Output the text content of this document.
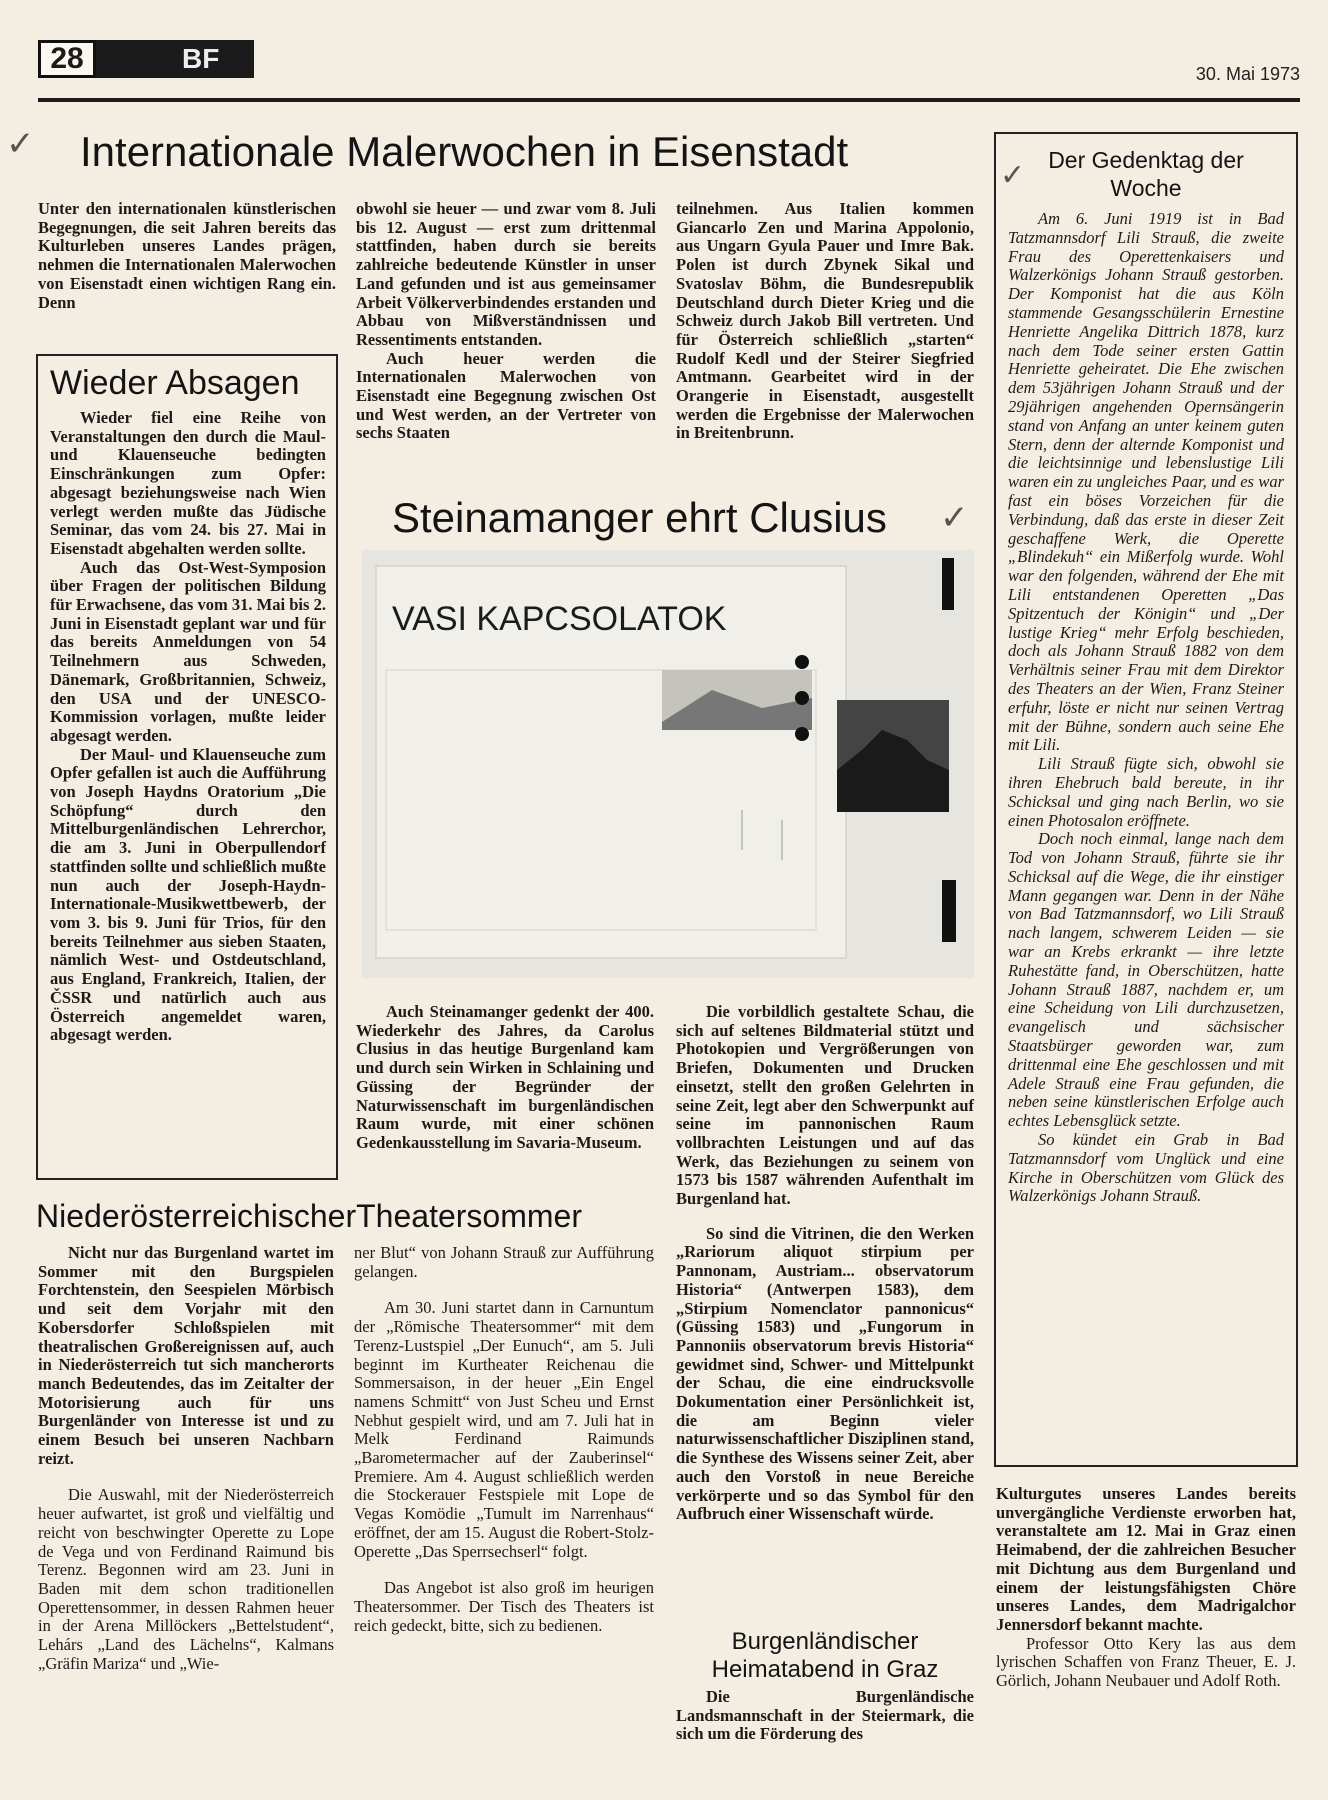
28	BF	30. Mai 1973
✓ Internationale Malerwochen in Eisenstadt

Unter den internationalen künstlerischen Begegnungen, die seit Jahren bereits das Kulturleben unseres Landes prägen, nehmen die Internationalen Malerwochen von Eisenstadt einen wichtigen Rang ein. Denn

obwohl sie heuer — und zwar vom 8. Juli bis 12. August — erst zum drittenmal stattfinden, haben durch sie bereits zahlreiche bedeutende Künstler in unser Land gefunden und ist aus gemeinsamer Arbeit Völkerverbindendes erstanden und Abbau von Mißverständnissen und Ressentiments entstanden.

Auch heuer werden die Internationalen Malerwochen von Eisenstadt eine Begegnung zwischen Ost und West werden, an der Vertreter von sechs Staaten

teilnehmen. Aus Italien kommen Giancarlo Zen und Marina Appolonio, aus Ungarn Gyula Pauer und Imre Bak. Polen ist durch Zbynek Sikal und Svatoslav Böhm, die Bundesrepublik Deutschland durch Dieter Krieg und die Schweiz durch Jakob Bill vertreten. Und für Österreich schließlich „starten“ Rudolf Kedl und der Steirer Siegfried Amtmann. Gearbeitet wird in der Orangerie in Eisenstadt, ausgestellt werden die Ergebnisse der Malerwochen in Breitenbrunn.

Wieder Absagen

Wieder fiel eine Reihe von Veranstaltungen den durch die Maul- und Klauenseuche bedingten Einschränkungen zum Opfer: abgesagt beziehungsweise nach Wien verlegt werden mußte das Jüdische Seminar, das vom 24. bis 27. Mai in Eisenstadt abgehalten werden sollte.

Auch das Ost-West-Symposion über Fragen der politischen Bildung für Erwachsene, das vom 31. Mai bis 2. Juni in Eisenstadt geplant war und für das bereits Anmeldungen von 54 Teilnehmern aus Schweden, Dänemark, Großbritannien, Schweiz, den USA und der UNESCO-Kommission vorlagen, mußte leider abgesagt werden.

Der Maul- und Klauenseuche zum Opfer gefallen ist auch die Aufführung von Joseph Haydns Oratorium „Die Schöpfung“ durch den Mittelburgenländischen Lehrerchor, die am 3. Juni in Oberpullendorf stattfinden sollte und schließlich mußte nun auch der Joseph-Haydn-Internationale-Musikwettbewerb, der vom 3. bis 9. Juni für Trios, für den bereits Teilnehmer aus sieben Staaten, nämlich West- und Ostdeutschland, aus England, Frankreich, Italien, der ČSSR und natürlich auch aus Österreich angemeldet waren, abgesagt werden.

Steinamanger ehrt Clusius ✓
VASI KAPCSOLATOK

Auch Steinamanger gedenkt der 400. Wiederkehr des Jahres, da Carolus Clusius in das heutige Burgenland kam und durch sein Wirken in Schlaining und Güssing der Begründer der Naturwissenschaft im burgenländischen Raum wurde, mit einer schönen Gedenkausstellung im Savaria-Museum.

Die vorbildlich gestaltete Schau, die sich auf seltenes Bildmaterial stützt und Photokopien und Vergrößerungen von Briefen, Dokumenten und Drucken einsetzt, stellt den großen Gelehrten in seine Zeit, legt aber den Schwerpunkt auf seine im pannonischen Raum vollbrachten Leistungen und auf das Werk, das Beziehungen zu seinem von 1573 bis 1587 währenden Aufenthalt im Burgenland hat.

So sind die Vitrinen, die den Werken „Rariorum aliquot stirpium per Pannonam, Austriam... observatorum Historia“ (Antwerpen 1583), dem „Stirpium Nomenclator pannonicus“ (Güssing 1583) und „Fungorum in Pannoniis observatorum brevis Historia“ gewidmet sind, Schwer- und Mittelpunkt der Schau, die eine eindrucksvolle Dokumentation einer Persönlichkeit ist, die am Beginn vieler naturwissenschaftlicher Disziplinen stand, die Synthese des Wissens seiner Zeit, aber auch den Vorstoß in neue Bereiche verkörperte und so das Symbol für den Aufbruch einer Wissenschaft würde.

NiederösterreichischerTheatersommer

Nicht nur das Burgenland wartet im Sommer mit den Burgspielen Forchtenstein, den Seespielen Mörbisch und seit dem Vorjahr mit den Kobersdorfer Schloßspielen mit theatralischen Großereignissen auf, auch in Niederösterreich tut sich mancherorts manch Bedeutendes, das im Zeitalter der Motorisierung auch für uns Burgenländer von Interesse ist und zu einem Besuch bei unseren Nachbarn reizt.

Die Auswahl, mit der Niederösterreich heuer aufwartet, ist groß und vielfältig und reicht von beschwingter Operette zu Lope de Vega und von Ferdinand Raimund bis Terenz. Begonnen wird am 23. Juni in Baden mit dem schon traditionellen Operettensommer, in dessen Rahmen heuer in der Arena Millöckers „Bettelstudent“, Lehárs „Land des Lächelns“, Kalmans „Gräfin Mariza“ und „Wie-

ner Blut“ von Johann Strauß zur Aufführung gelangen.

Am 30. Juni startet dann in Carnuntum der „Römische Theatersommer“ mit dem Terenz-Lustspiel „Der Eunuch“, am 5. Juli beginnt im Kurtheater Reichenau die Sommersaison, in der heuer „Ein Engel namens Schmitt“ von Just Scheu und Ernst Nebhut gespielt wird, und am 7. Juli hat in Melk Ferdinand Raimunds „Barometermacher auf der Zauberinsel“ Premiere. Am 4. August schließlich werden die Stockerauer Festspiele mit Lope de Vegas Komödie „Tumult im Narrenhaus“ eröffnet, der am 15. August die Robert-Stolz-Operette „Das Sperrsechserl“ folgt.

Das Angebot ist also groß im heurigen Theatersommer. Der Tisch des Theaters ist reich gedeckt, bitte, sich zu bedienen.

Burgenländischer
Heimatabend in Graz

Die Burgenländische Landsmannschaft in der Steiermark, die sich um die Förderung des

Kulturgutes unseres Landes bereits unvergängliche Verdienste erworben hat, veranstaltete am 12. Mai in Graz einen Heimabend, der die zahlreichen Besucher mit Dichtung aus dem Burgenland und einem der leistungsfähigsten Chöre unseres Landes, dem Madrigalchor Jennersdorf bekannt machte.

Professor Otto Kery las aus dem lyrischen Schaffen von Franz Theuer, E. J. Görlich, Johann Neubauer und Adolf Roth.

Der Gedenktag der
Woche

Am 6. Juni 1919 ist in Bad Tatzmannsdorf Lili Strauß, die zweite Frau des Operettenkaisers und Walzerkönigs Johann Strauß gestorben. Der Komponist hat die aus Köln stammende Gesangsschülerin Ernestine Henriette Angelika Dittrich 1878, kurz nach dem Tode seiner ersten Gattin Henriette geheiratet. Die Ehe zwischen dem 53jährigen Johann Strauß und der 29jährigen angehenden Opernsängerin stand von Anfang an unter keinem guten Stern, denn der alternde Komponist und die leichtsinnige und lebenslustige Lili waren ein zu ungleiches Paar, und es war fast ein böses Vorzeichen für die Verbindung, daß das erste in dieser Zeit geschaffene Werk, die Operette „Blindekuh“ ein Mißerfolg wurde. Wohl war den folgenden, während der Ehe mit Lili entstandenen Operetten „Das Spitzentuch der Königin“ und „Der lustige Krieg“ mehr Erfolg beschieden, doch als Johann Strauß 1882 von dem Verhältnis seiner Frau mit dem Direktor des Theaters an der Wien, Franz Steiner erfuhr, löste er nicht nur seinen Vertrag mit der Bühne, sondern auch seine Ehe mit Lili.

Lili Strauß fügte sich, obwohl sie ihren Ehebruch bald bereute, in ihr Schicksal und ging nach Berlin, wo sie einen Photosalon eröffnete.

Doch noch einmal, lange nach dem Tod von Johann Strauß, führte sie ihr Schicksal auf die Wege, die ihr einstiger Mann gegangen war. Denn in der Nähe von Bad Tatzmannsdorf, wo Lili Strauß nach langem, schwerem Leiden — sie war an Krebs erkrankt — ihre letzte Ruhestätte fand, in Oberschützen, hatte Johann Strauß 1887, nachdem er, um eine Scheidung von Lili durchzusetzen, evangelisch und sächsischer Staatsbürger geworden war, zum drittenmal eine Ehe geschlossen und mit Adele Strauß eine Frau gefunden, die neben seine künstlerischen Erfolge auch echtes Lebensglück setzte.

So kündet ein Grab in Bad Tatzmannsdorf vom Unglück und eine Kirche in Oberschützen vom Glück des Walzerkönigs Johann Strauß.

✓
